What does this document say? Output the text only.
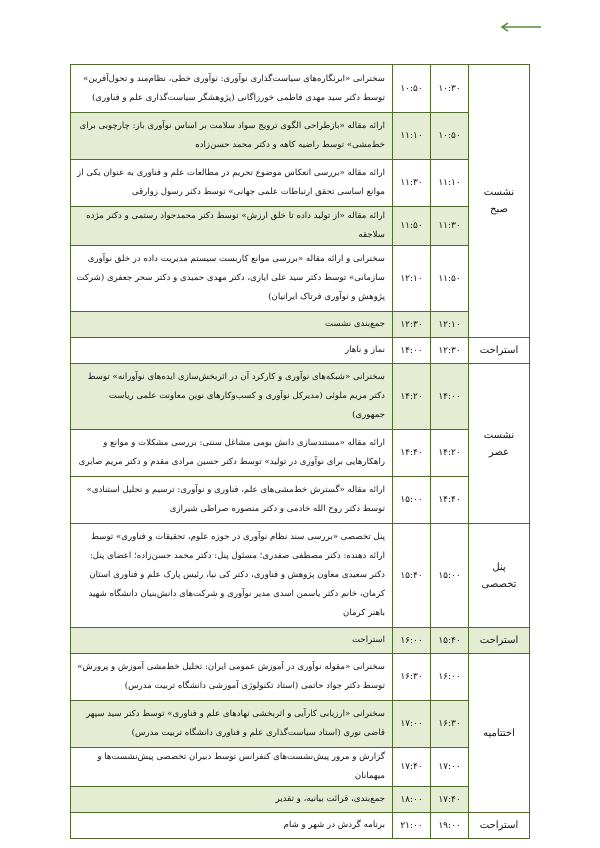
نشست
صبح	۱۰:۳۰	۱۰:۵۰	سخنرانی «ابرنگاره‌های سیاست‌گذاری نوآوری: نوآوری خطی، نظام‌مند و تحول‌آفرین» توسط دکتر سید مهدی فاطمی خورزاگانی (پژوهشگر سیاست‌گذاری علم و فناوری)
	۱۰:۵۰	۱۱:۱۰	ارائه مقاله «بازطراحی الگوی ترویج سواد سلامت بر اساس نوآوری باز: چارچوبی برای خط‌مشی» توسط راضیه کاهه و دکتر محمد حسن‌زاده
	۱۱:۱۰	۱۱:۳۰	ارائه مقاله «بررسی انعکاس موضوع تحریم در مطالعات علم و فناوری به عنوان یکی از موانع اساسی تحقق ارتباطات علمی جهانی» توسط دکتر رسول زوارقی
	۱۱:۳۰	۱۱:۵۰	ارائه مقاله «از تولید داده تا خلق ارزش» توسط دکتر محمدجواد رستمی و دکتر مژده سلاجقه
	۱۱:۵۰	۱۲:۱۰	سخنرانی و ارائه مقاله «بررسی موانع کاربست سیستم مدیریت داده در خلق نوآوری سازمانی» توسط دکتر سید علی ایازی، دکتر مهدی حمیدی و دکتر سحر جعفری (شرکت پژوهش و نوآوری فرتاک ایرانیان)
	۱۲:۱۰	۱۲:۳۰	جمع‌بندی نشست
استراحت	۱۲:۳۰	۱۴:۰۰	نماز و ناهار

نشست
عصر	۱۴:۰۰	۱۴:۲۰	سخنرانی «شبکه‌های نوآوری و کارکرد آن در اثربخش‌سازی ایده‌های نوآورانه» توسط دکتر مریم ملوئی (مدیرکل نوآوری و کسب‌وکارهای نوین معاونت علمی ریاست جمهوری)
	۱۴:۲۰	۱۴:۴۰	ارائه مقاله «مستندسازی دانش بومی مشاغل سنتی: بررسی مشکلات و موانع و راهکارهایی برای نوآوری در تولید» توسط دکتر حسین مرادی مقدم و دکتر مریم صابری
	۱۴:۴۰	۱۵:۰۰	ارائه مقاله «گسترش خط‌مشی‌های علم، فناوری و نوآوری: ترسیم و تحلیل استنادی» توسط دکتر روح الله خادمی و دکتر منصوره صراطی شیرازی

پنل
تخصصی	۱۵:۰۰	۱۵:۴۰	پنل تخصصی «بررسی سند نظام نوآوری در حوزه علوم، تحقیقات و فناوری» توسط ارائه دهنده: دکتر مصطفی صفدری؛ مسئول پنل: دکتر محمد حسن‌زاده؛ اعضای پنل: دکتر سعیدی معاون پژوهش و فناوری، دکتر کی نیا، رئیس پارک علم و فناوری استان کرمان، خانم دکتر یاسمن اسدی مدیر نوآوری و شرکت‌های دانش‌بنیان دانشگاه شهید باهنر کرمان
استراحت	۱۵:۴۰	۱۶:۰۰	استراحت
اختتامیه	۱۶:۰۰	۱۶:۳۰	سخنرانی «مقوله نوآوری در آموزش عمومی ایران: تحلیل خط‌مشی آموزش و پرورش» توسط دکتر جواد حاتمی (استاد تکنولوژی آموزشی دانشگاه تربیت مدرس)
	۱۶:۳۰	۱۷:۰۰	سخنرانی «ارزیابی کارآیی و اثربخشی نهادهای علم و فناوری» توسط دکتر سید سپهر قاضی نوری (استاد سیاست‌گذاری علم و فناوری دانشگاه تربیت مدرس)
	۱۷:۰۰	۱۷:۴۰	گزارش و مرور پیش‌نشست‌های کنفرانس توسط دبیران تخصصی پیش‌نشست‌ها و میهمانان
	۱۷:۴۰	۱۸:۰۰	جمع‌بندی، قرائت بیانیه، و تقدیر
استراحت	۱۹:۰۰	۲۱:۰۰	برنامه گردش در شهر و شام
